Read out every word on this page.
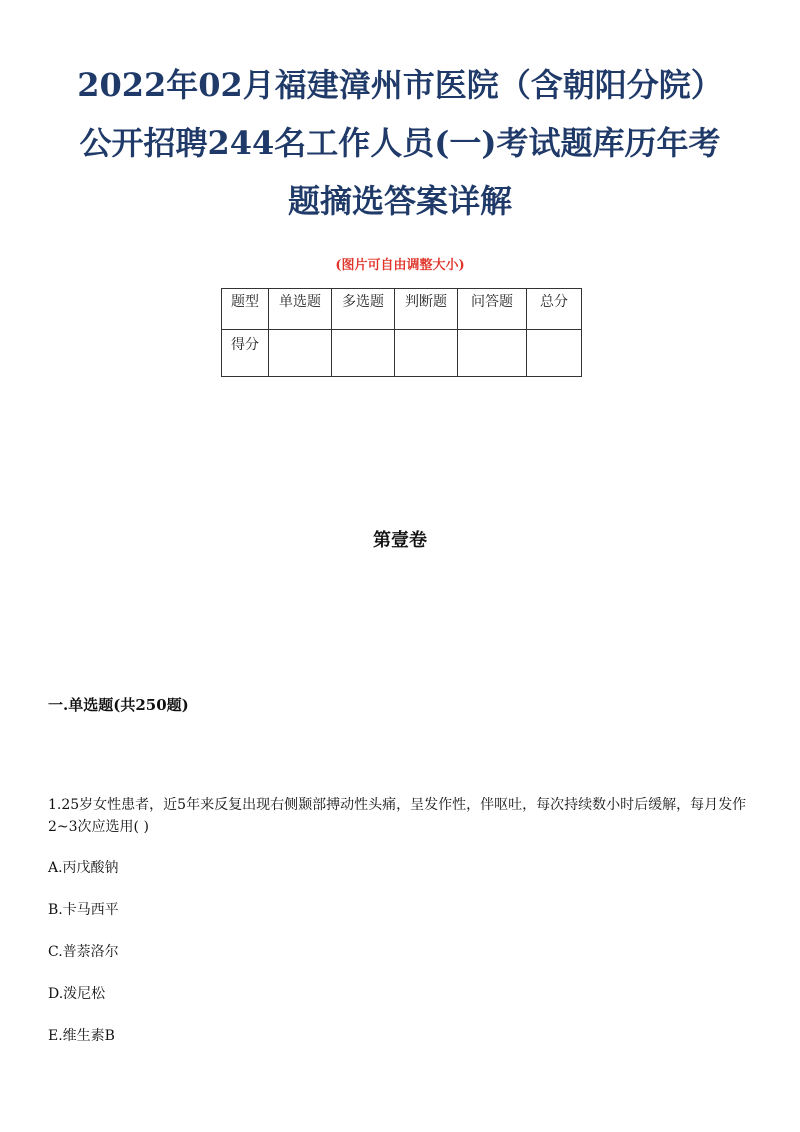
2022年02月福建漳州市医院（含朝阳分院）
公开招聘244名工作人员(一)考试题库历年考
题摘选答案详解
(图片可自由调整大小)
题型	单选题	多选题	判断题	问答题	总分
得分					
第壹卷
一.单选题(共250题)
1.25岁女性患者，近5年来反复出现右侧颞部搏动性头痛，呈发作性，伴呕吐，每次持续数小时后缓解，每月发作2~3次应选用( )
A.丙戊酸钠
B.卡马西平
C.普萘洛尔
D.泼尼松
E.维生素B
